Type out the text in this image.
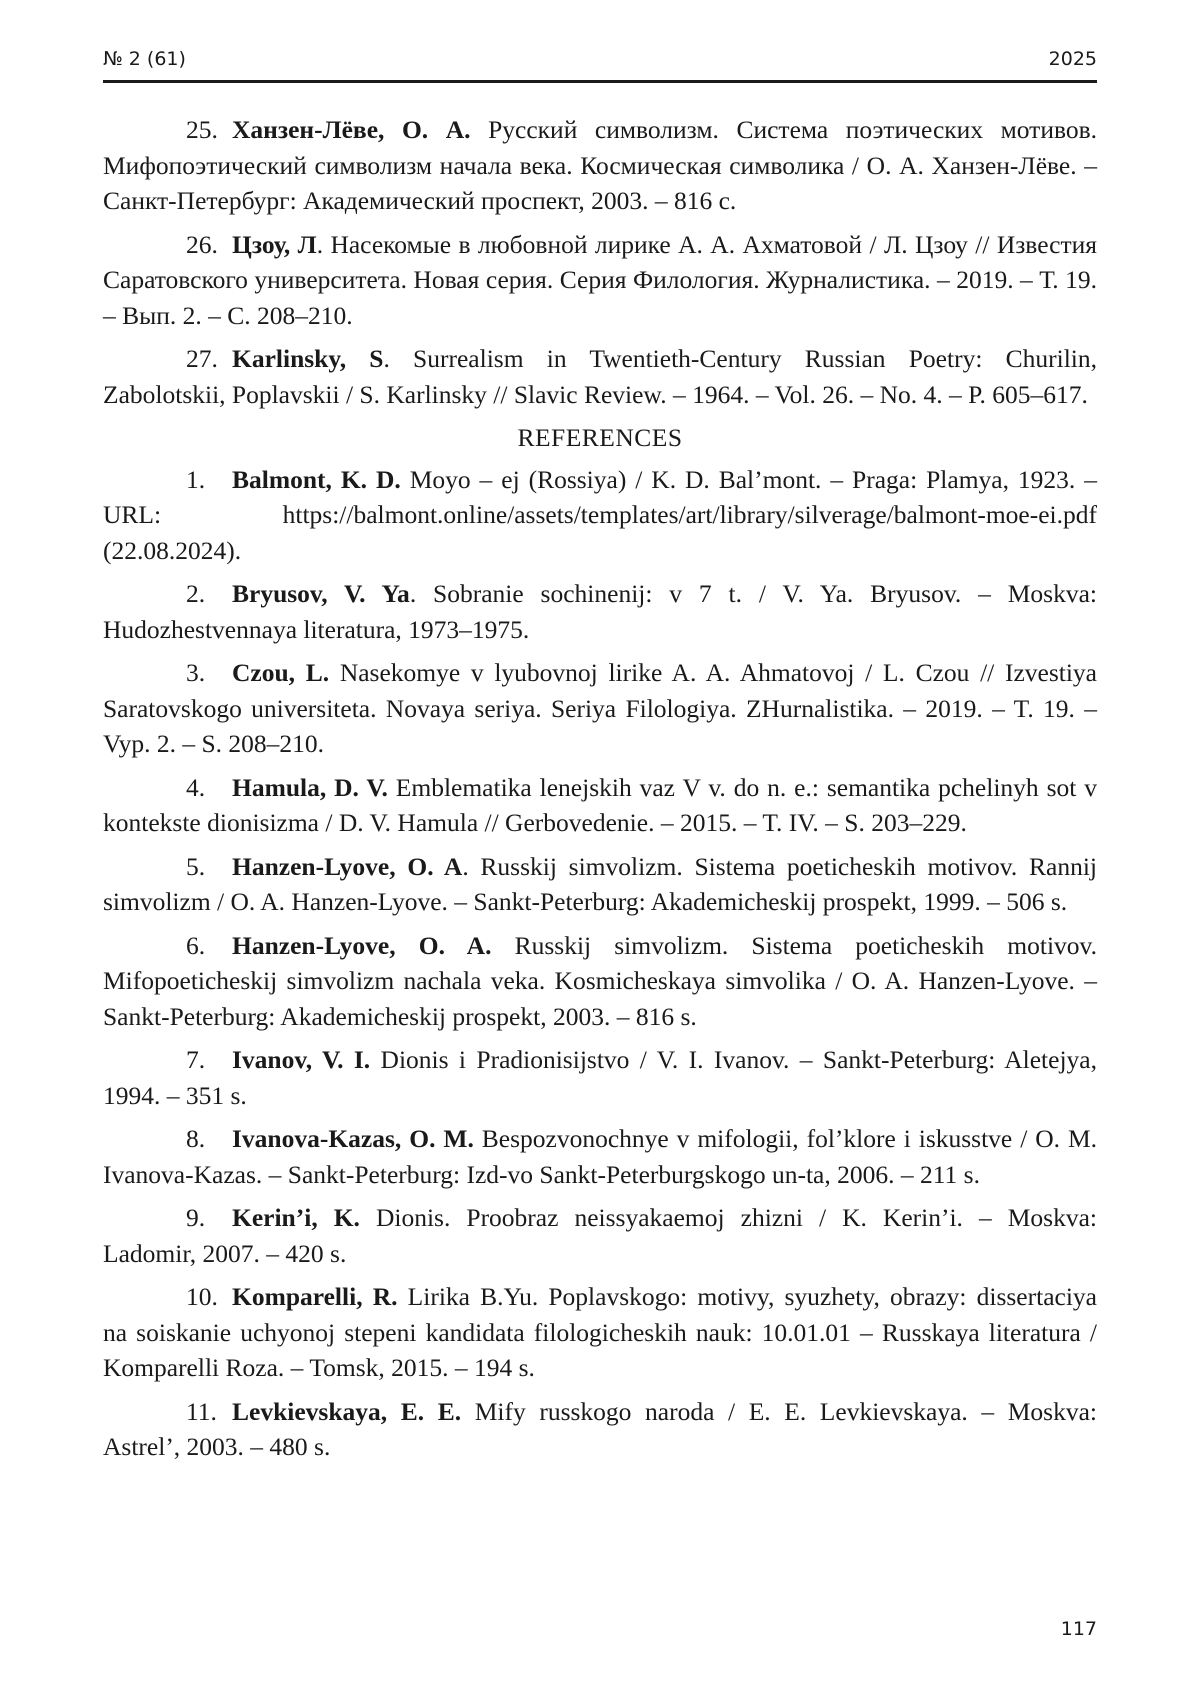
№ 2 (61)	2025

25. Ханзен-Лёве, О. А. Русский символизм. Система поэтических мотивов. Мифопоэтический символизм начала века. Космическая символика / О. А. Ханзен-Лёве. – Санкт-Петербург: Академический проспект, 2003. – 816 с.

26. Цзоу, Л. Насекомые в любовной лирике А. А. Ахматовой / Л. Цзоу // Известия Саратовского университета. Новая серия. Серия Филология. Журналистика. – 2019. – Т. 19. – Вып. 2. – С. 208–210.

27. Karlinsky, S. Surrealism in Twentieth-Century Russian Poetry: Churilin, Zabolotskii, Poplavskii / S. Karlinsky // Slavic Review. – 1964. – Vol. 26. – No. 4. – P. 605–617.

REFERENCES

1. Balmont, K. D. Moyo – ej (Rossiya) / K. D. Bal’mont. – Praga: Plamya, 1923. – URL: https://balmont.online/assets/templates/art/library/silverage/balmont-moe-ei.pdf (22.08.2024).

2. Bryusov, V. Ya. Sobranie sochinenij: v 7 t. / V. Ya. Bryusov. – Moskva: Hudozhestvennaya literatura, 1973–1975.

3. Czou, L. Nasekomye v lyubovnoj lirike A. A. Ahmatovoj / L. Czou // Izvestiya Saratovskogo universiteta. Novaya seriya. Seriya Filologiya. ZHurnalistika. – 2019. – T. 19. – Vyp. 2. – S. 208–210.

4. Hamula, D. V. Emblematika lenejskih vaz V v. do n. e.: semantika pchelinyh sot v kontekste dionisizma / D. V. Hamula // Gerbovedenie. – 2015. – T. IV. – S. 203–229.

5. Hanzen-Lyove, O. A. Russkij simvolizm. Sistema poeticheskih motivov. Rannij simvolizm / O. A. Hanzen-Lyove. – Sankt-Peterburg: Akademicheskij prospekt, 1999. – 506 s.

6. Hanzen-Lyove, O. A. Russkij simvolizm. Sistema poeticheskih motivov. Mifopoeticheskij simvolizm nachala veka. Kosmicheskaya simvolika / O. A. Hanzen-Lyove. – Sankt-Peterburg: Akademicheskij prospekt, 2003. – 816 s.

7. Ivanov, V. I. Dionis i Pradionisijstvo / V. I. Ivanov. – Sankt-Peterburg: Aletejya, 1994. – 351 s.

8. Ivanova-Kazas, O. M. Bespozvonochnye v mifologii, fol’klore i iskusstve / O. M. Ivanova-Kazas. – Sankt-Peterburg: Izd-vo Sankt-Peterburgskogo un-ta, 2006. – 211 s.

9. Kerin’i, K. Dionis. Proobraz neissyakaemoj zhizni / K. Kerin’i. – Moskva: Ladomir, 2007. – 420 s.

10. Komparelli, R. Lirika B.Yu. Poplavskogo: motivy, syuzhety, obrazy: dissertaciya na soiskanie uchyonoj stepeni kandidata filologicheskih nauk: 10.01.01 – Russkaya literatura / Komparelli Roza. – Tomsk, 2015. – 194 s.

11. Levkievskaya, E. E. Mify russkogo naroda / E. E. Levkievskaya. – Moskva: Astrel’, 2003. – 480 s.

117
